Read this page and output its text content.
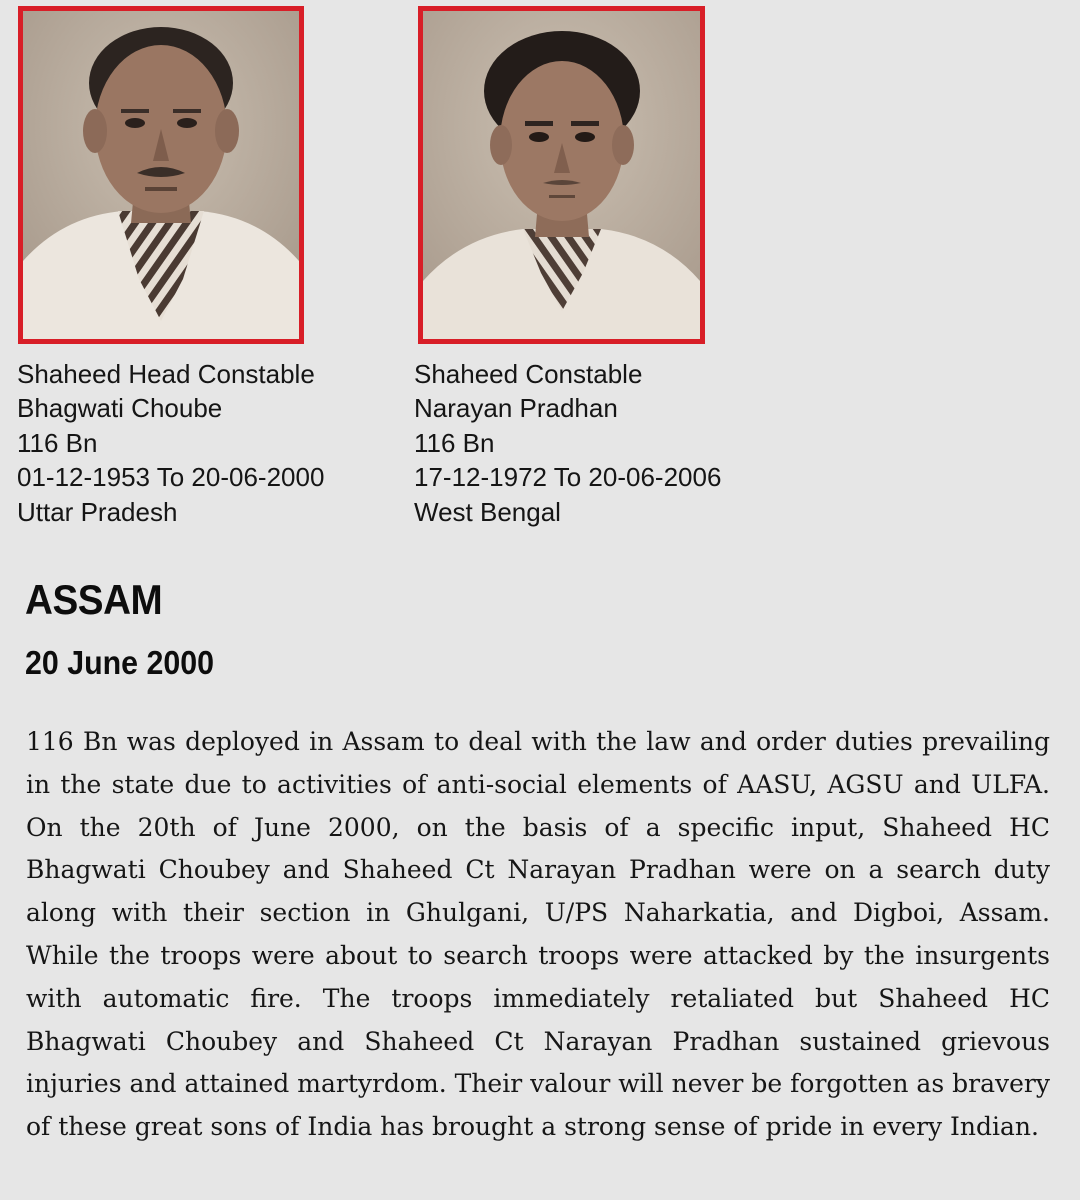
Shaheed Head Constable
Bhagwati Choube
116 Bn
01-12-1953 To 20-06-2000
Uttar Pradesh
Shaheed Constable
Narayan Pradhan
116 Bn
17-12-1972 To 20-06-2006
West Bengal
ASSAM
20 June 2000

116 Bn was deployed in Assam to deal with the law and order duties prevailing in the state due to activities of anti-social elements of AASU, AGSU and ULFA. On the 20th of June 2000, on the basis of a specific input, Shaheed HC Bhagwati Choubey and Shaheed Ct Narayan Pradhan were on a search duty along with their section in Ghulgani, U/PS Naharkatia, and Digboi, Assam. While the troops were about to search troops were attacked by the insurgents with automatic fire. The troops immediately retaliated but Shaheed HC Bhagwati Choubey and Shaheed Ct Narayan Pradhan sustained grievous injuries and attained martyrdom. Their valour will never be forgotten as bravery of these great sons of India has brought a strong sense of pride in every Indian.
